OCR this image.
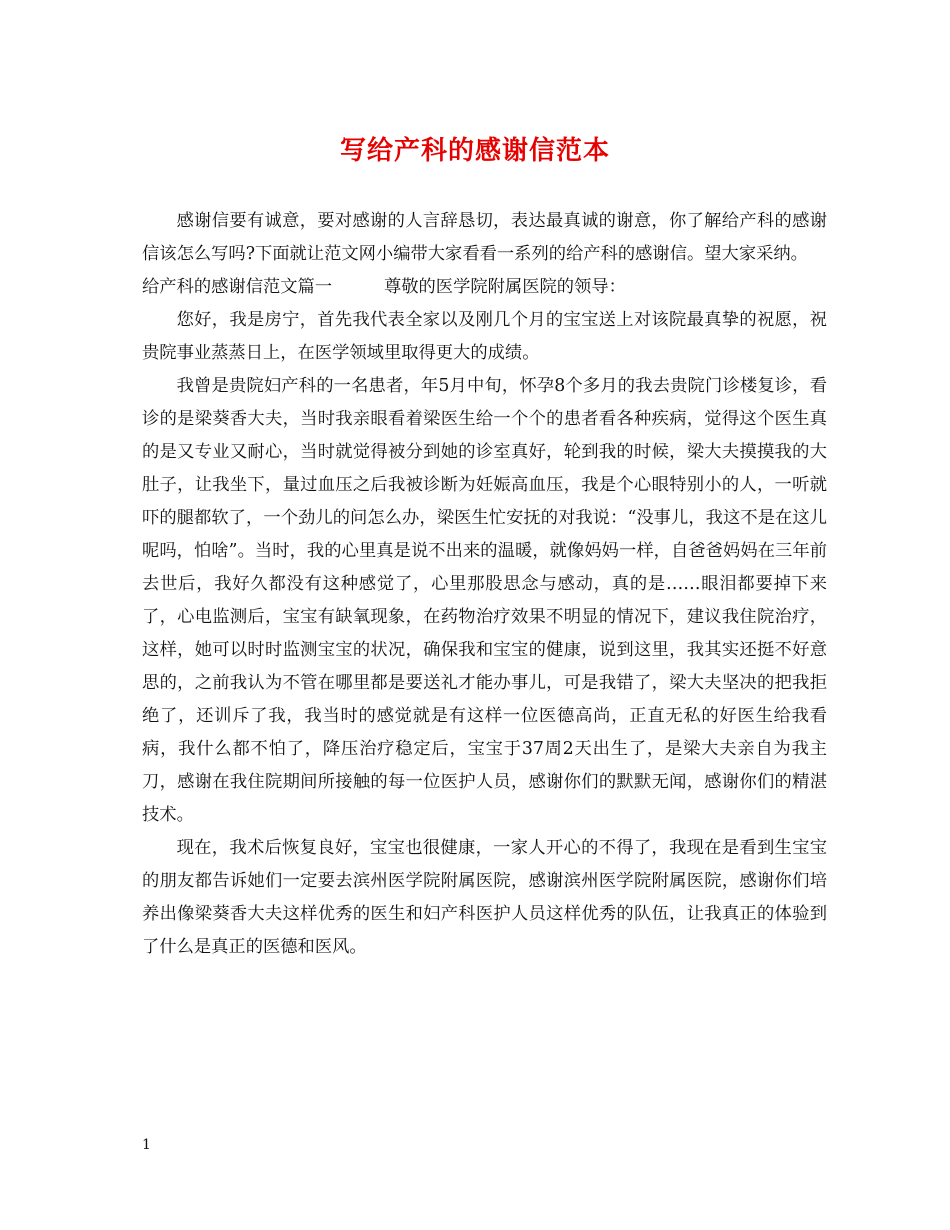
写给产科的感谢信范本

感谢信要有诚意，要对感谢的人言辞恳切，表达最真诚的谢意，你了解给产科的感谢信该怎么写吗?下面就让范文网小编带大家看看一系列的给产科的感谢信。望大家采纳。

给产科的感谢信范文篇一　　　尊敬的医学院附属医院的领导：

您好，我是房宁，首先我代表全家以及刚几个月的宝宝送上对该院最真挚的祝愿，祝贵院事业蒸蒸日上，在医学领域里取得更大的成绩。

我曾是贵院妇产科的一名患者，年5月中旬，怀孕8个多月的我去贵院门诊楼复诊，看诊的是梁葵香大夫，当时我亲眼看着梁医生给一个个的患者看各种疾病，觉得这个医生真的是又专业又耐心，当时就觉得被分到她的诊室真好，轮到我的时候，梁大夫摸摸我的大肚子，让我坐下，量过血压之后我被诊断为妊娠高血压，我是个心眼特别小的人，一听就吓的腿都软了，一个劲儿的问怎么办，梁医生忙安抚的对我说：“没事儿，我这不是在这儿呢吗，怕啥”。当时，我的心里真是说不出来的温暖，就像妈妈一样，自爸爸妈妈在三年前去世后，我好久都没有这种感觉了，心里那股思念与感动，真的是……眼泪都要掉下来了，心电监测后，宝宝有缺氧现象，在药物治疗效果不明显的情况下，建议我住院治疗，这样，她可以时时监测宝宝的状况，确保我和宝宝的健康，说到这里，我其实还挺不好意思的，之前我认为不管在哪里都是要送礼才能办事儿，可是我错了，梁大夫坚决的把我拒绝了，还训斥了我，我当时的感觉就是有这样一位医德高尚，正直无私的好医生给我看病，我什么都不怕了，降压治疗稳定后，宝宝于37周2天出生了，是梁大夫亲自为我主刀，感谢在我住院期间所接触的每一位医护人员，感谢你们的默默无闻，感谢你们的精湛技术。

现在，我术后恢复良好，宝宝也很健康，一家人开心的不得了，我现在是看到生宝宝的朋友都告诉她们一定要去滨州医学院附属医院，感谢滨州医学院附属医院，感谢你们培养出像梁葵香大夫这样优秀的医生和妇产科医护人员这样优秀的队伍，让我真正的体验到了什么是真正的医德和医风。

1
